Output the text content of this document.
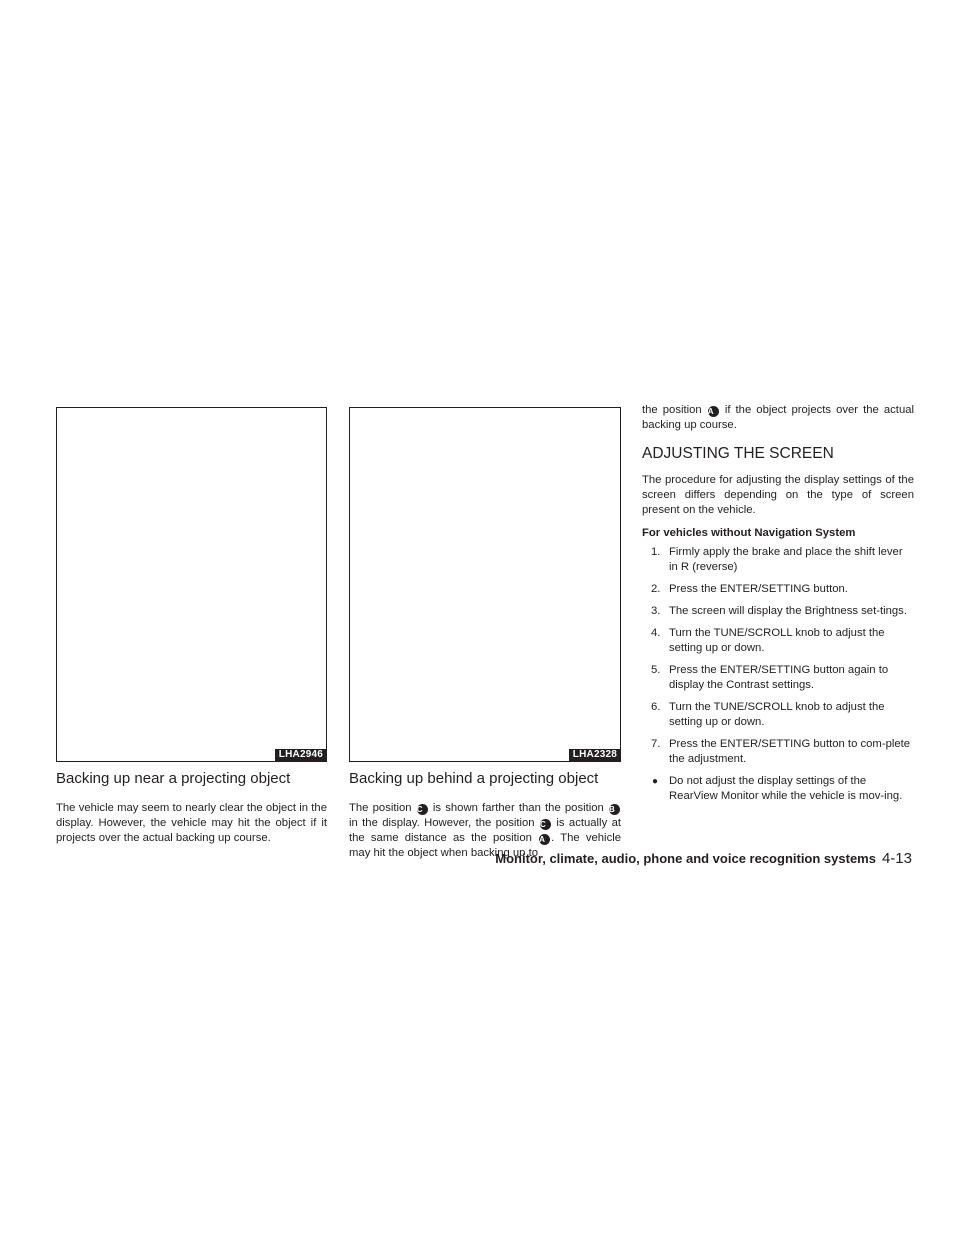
LHA2946
Backing up near a projecting object

The vehicle may seem to nearly clear the object in the display. However, the vehicle may hit the object if it projects over the actual backing up course.

LHA2328
Backing up behind a projecting object

The position C is shown farther than the position B in the display. However, the position C is actually at the same distance as the position A . The vehicle may hit the object when backing up to

the position A if the object projects over the actual backing up course.

ADJUSTING THE SCREEN

The procedure for adjusting the display settings of the screen differs depending on the type of screen present on the vehicle.

For vehicles without Navigation System

1. Firmly apply the brake and place the shift lever in R (reverse)
2. Press the ENTER/SETTING button.
3. The screen will display the Brightness set-tings.
4. Turn the TUNE/SCROLL knob to adjust the setting up or down.
5. Press the ENTER/SETTING button again to display the Contrast settings.
6. Turn the TUNE/SCROLL knob to adjust the setting up or down.
7. Press the ENTER/SETTING button to com-plete the adjustment.
● Do not adjust the display settings of the RearView Monitor while the vehicle is mov-ing.
Monitor, climate, audio, phone and voice recognition systems 4-13
